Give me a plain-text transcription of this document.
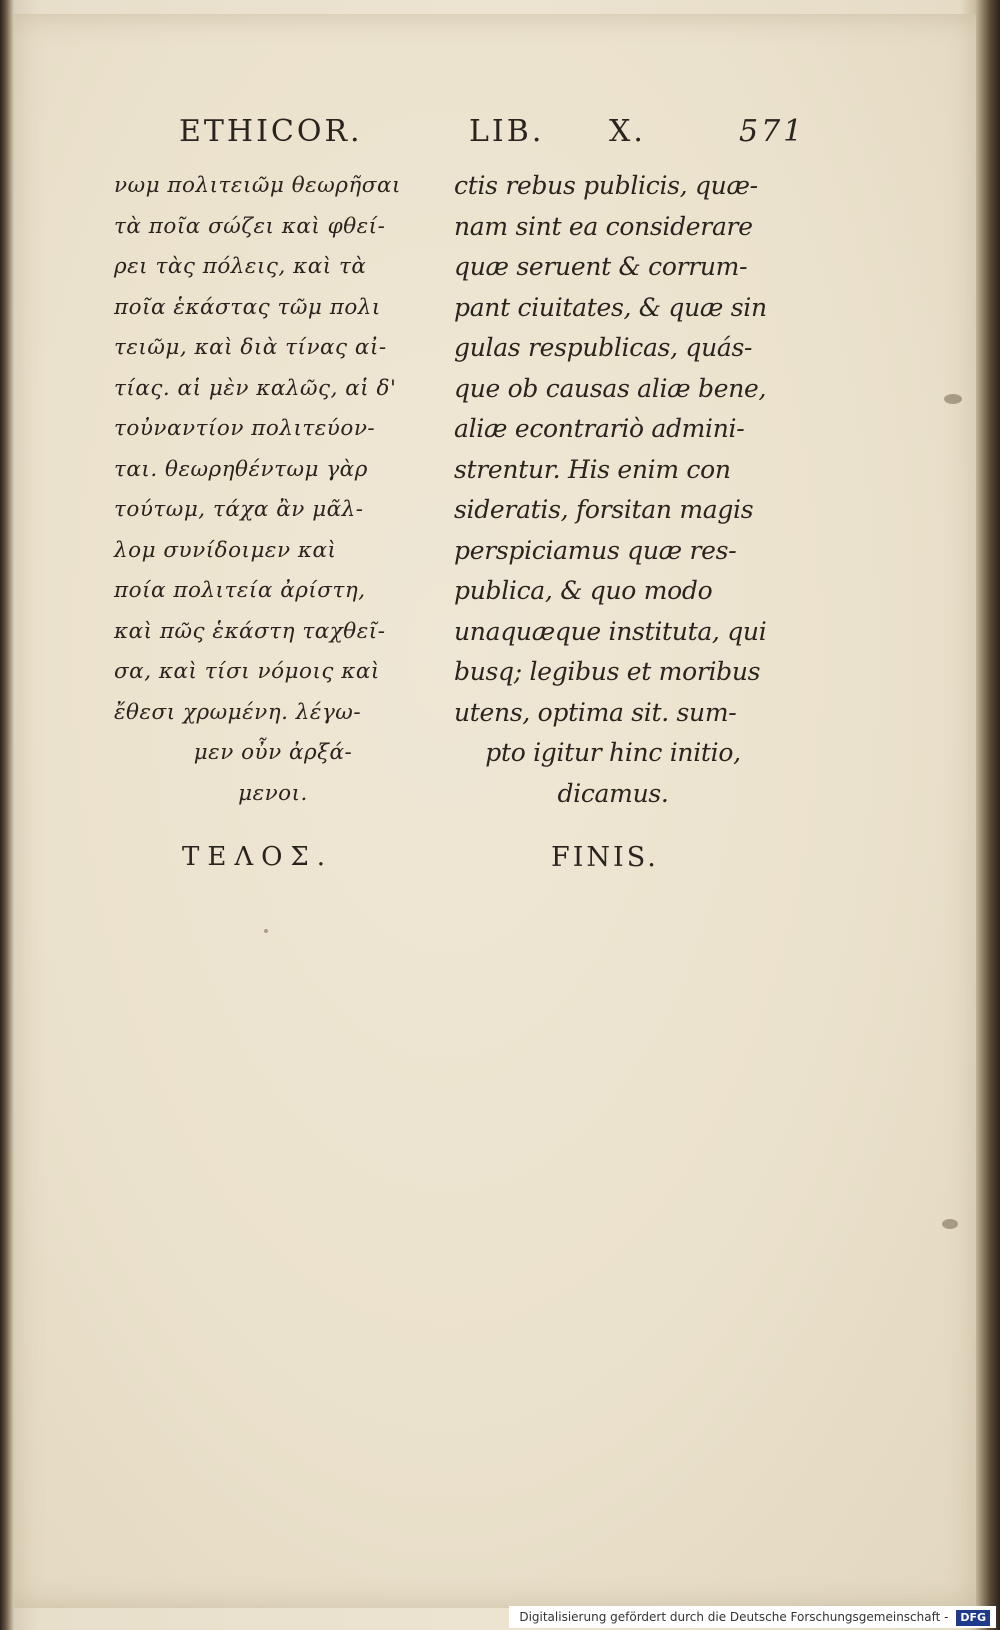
ETHICOR.	LIB. X.	571
νωμ πολιτειῶμ θεωρῆσαι
τὰ ποῖα σώζει καὶ φθεί-
ρει τὰς πόλεις, καὶ τὰ
ποῖα ἑκάστας τῶμ πολι
τειῶμ, καὶ διὰ τίνας αἰ-
τίας. αἱ μὲν καλῶς, αἱ δ'
τοὐναντίον πολιτεύον-
ται. θεωρηθέντωμ γὰρ
τούτωμ, τάχα ἂν μᾶλ-
λομ συνίδοιμεν καὶ
ποία πολιτεία ἀρίστη,
καὶ πῶς ἑκάστη ταχθεῖ-
σα, καὶ τίσι νόμοις καὶ
ἔθεσι χρωμένη. λέγω-
μεν οὖν ἀρξά-
μενοι.
ctis rebus publicis, quæ-
nam sint ea considerare
quæ seruent & corrum-
pant ciuitates, & quæ sin
gulas respublicas, quás-
que ob causas aliæ bene,
aliæ econtrariò admini-
strentur. His enim con
sideratis, forsitan magis
perspiciamus quæ res-
publica, & quo modo
unaquæque instituta, qui
busq; legibus et moribus
utens, optima sit. sum-
pto igitur hinc initio,
dicamus.
ΤΕΛΟΣ.	FINIS.
Digitalisierung gefördert durch die Deutsche Forschungsgemeinschaft - DFG
